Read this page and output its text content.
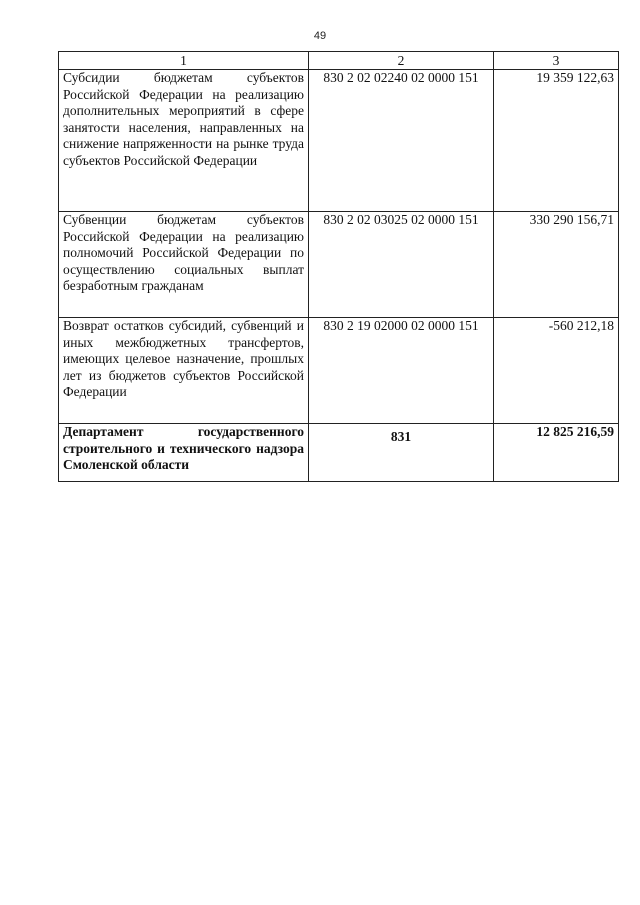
49
1	2	3
Субсидии бюджетам субъектов Российской Федерации на реализацию дополнительных мероприятий в сфере занятости населения, направленных на снижение напряженности на рынке труда субъектов Российской Федерации	830 2 02 02240 02 0000 151	19 359 122,63
Субвенции бюджетам субъектов Российской Федерации на реализацию полномочий Российской Федерации по осуществлению социальных выплат безработным гражданам	830 2 02 03025 02 0000 151	330 290 156,71
Возврат остатков субсидий, субвенций и иных межбюджетных трансфертов, имеющих целевое назначение, прошлых лет из бюджетов субъектов Российской Федерации	830 2 19 02000 02 0000 151	-560 212,18
Департамент государственного строительного и технического надзора Смоленской области	831	12 825 216,59
